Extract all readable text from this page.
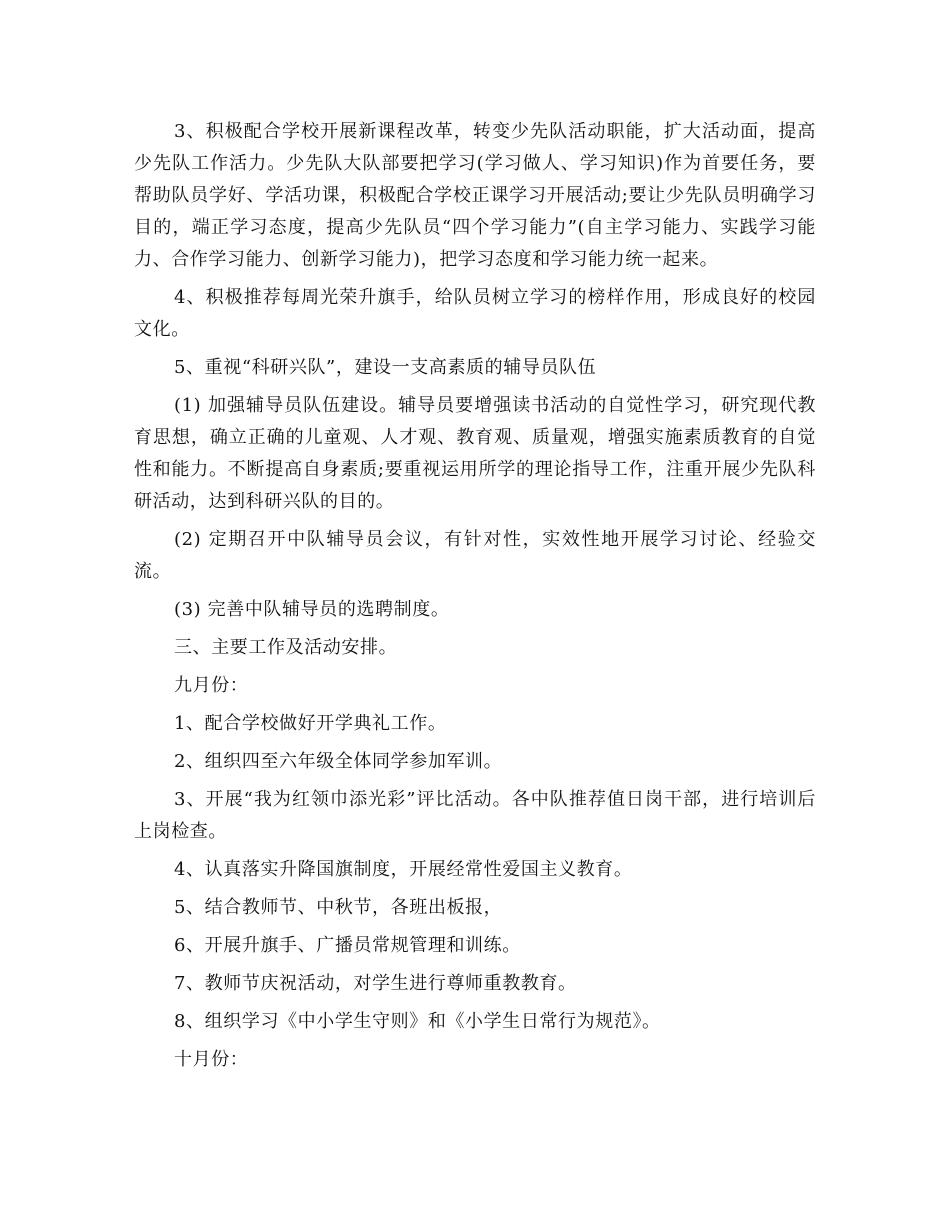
3、积极配合学校开展新课程改革，转变少先队活动职能，扩大活动面，提高少先队工作活力。少先队大队部要把学习(学习做人、学习知识)作为首要任务，要帮助队员学好、学活功课，积极配合学校正课学习开展活动;要让少先队员明确学习目的，端正学习态度，提高少先队员“四个学习能力”(自主学习能力、实践学习能力、合作学习能力、创新学习能力)，把学习态度和学习能力统一起来。

4、积极推荐每周光荣升旗手，给队员树立学习的榜样作用，形成良好的校园文化。

5、重视“科研兴队”，建设一支高素质的辅导员队伍

(1) 加强辅导员队伍建设。辅导员要增强读书活动的自觉性学习，研究现代教育思想，确立正确的儿童观、人才观、教育观、质量观，增强实施素质教育的自觉性和能力。不断提高自身素质;要重视运用所学的理论指导工作，注重开展少先队科研活动，达到科研兴队的目的。

(2) 定期召开中队辅导员会议，有针对性，实效性地开展学习讨论、经验交流。

(3) 完善中队辅导员的选聘制度。

三、主要工作及活动安排。

九月份：

1、配合学校做好开学典礼工作。

2、组织四至六年级全体同学参加军训。

3、开展“我为红领巾添光彩”评比活动。各中队推荐值日岗干部，进行培训后上岗检查。

4、认真落实升降国旗制度，开展经常性爱国主义教育。

5、结合教师节、中秋节，各班出板报，

6、开展升旗手、广播员常规管理和训练。

7、教师节庆祝活动，对学生进行尊师重教教育。

8、组织学习《中小学生守则》和《小学生日常行为规范》。

十月份：
